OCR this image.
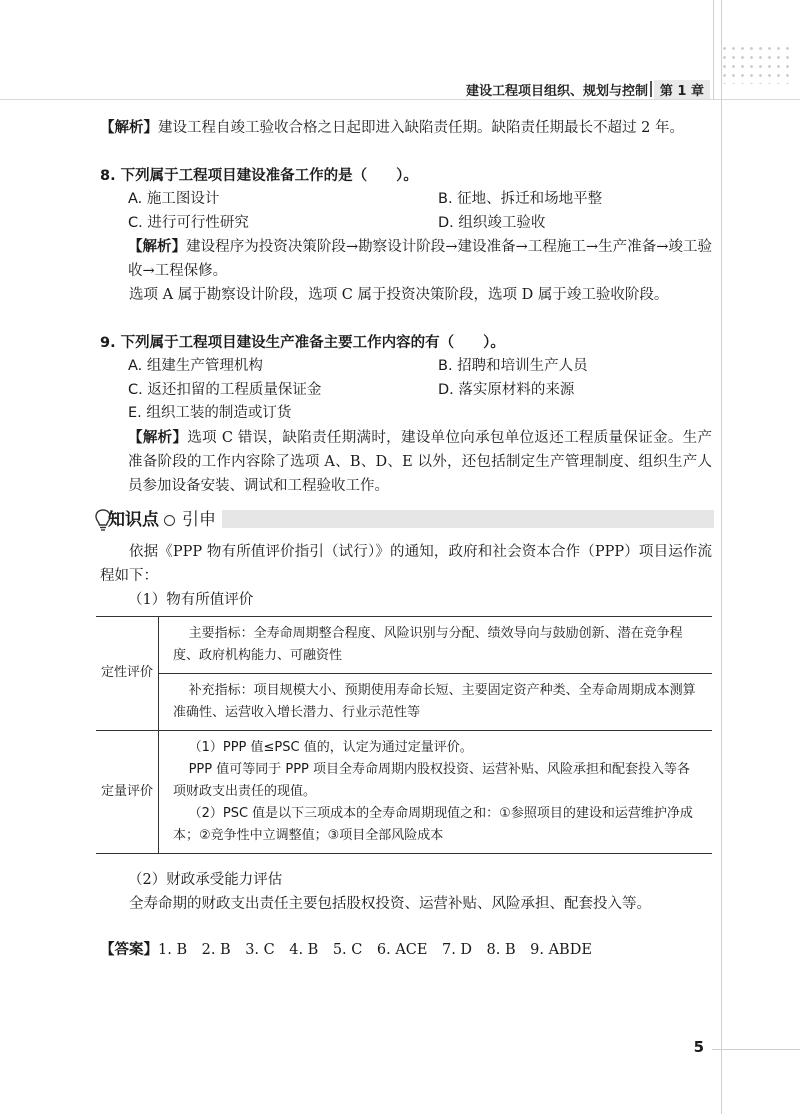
建设工程项目组织、规划与控制 第 1 章

【解析】建设工程自竣工验收合格之日起即进入缺陷责任期。缺陷责任期最长不超过 2 年。

8. 下列属于工程项目建设准备工作的是（　　）。
A. 施工图设计	B. 征地、拆迁和场地平整
C. 进行可行性研究	D. 组织竣工验收

【解析】建设程序为投资决策阶段→勘察设计阶段→建设准备→工程施工→生产准备→竣工验收→工程保修。

选项 A 属于勘察设计阶段，选项 C 属于投资决策阶段，选项 D 属于竣工验收阶段。

9. 下列属于工程项目建设生产准备主要工作内容的有（　　）。
A. 组建生产管理机构	B. 招聘和培训生产人员
C. 返还扣留的工程质量保证金	D. 落实原材料的来源
E. 组织工装的制造或订货

【解析】选项 C 错误，缺陷责任期满时，建设单位向承包单位返还工程质量保证金。生产准备阶段的工作内容除了选项 A、B、D、E 以外，还包括制定生产管理制度、组织生产人员参加设备安装、调试和工程验收工作。

知识点 引申

依据《PPP 物有所值评价指引（试行）》的通知，政府和社会资本合作（PPP）项目运作流程如下：

（1）物有所值评价

定性评价	主要指标：全寿命周期整合程度、风险识别与分配、绩效导向与鼓励创新、潜在竞争程度、政府机构能力、可融资性
补充指标：项目规模大小、预期使用寿命长短、主要固定资产种类、全寿命周期成本测算准确性、运营收入增长潜力、行业示范性等

定量评价	（1）PPP 值≤PSC 值的，认定为通过定量评价。
PPP 值可等同于 PPP 项目全寿命周期内股权投资、运营补贴、风险承担和配套投入等各项财政支出责任的现值。
（2）PSC 值是以下三项成本的全寿命周期现值之和：①参照项目的建设和运营维护净成本；②竞争性中立调整值；③项目全部风险成本

（2）财政承受能力评估

全寿命期的财政支出责任主要包括股权投资、运营补贴、风险承担、配套投入等。

【答案】1. B　2. B　3. C　4. B　5. C　6. ACE　7. D　8. B　9. ABDE

5
